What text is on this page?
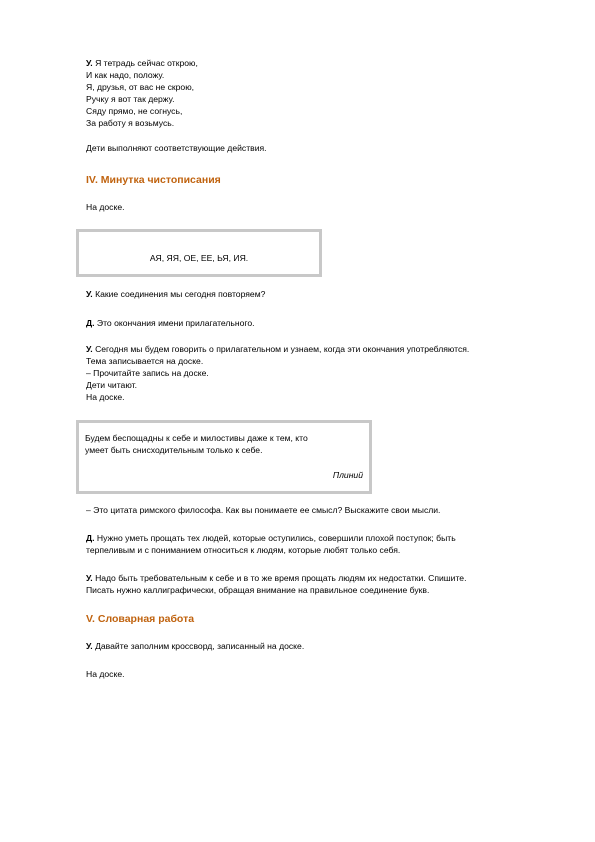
У. Я тетрадь сейчас открою,
И как надо, положу.
Я, друзья, от вас не скрою,
Ручку я вот так держу.
Сяду прямо, не согнусь,
За работу я возьмусь.
Дети выполняют соответствующие действия.
IV. Минутка чистописания
На доске.
АЯ, ЯЯ, ОЕ, ЕЕ, ЬЯ, ИЯ.
У. Какие соединения мы сегодня повторяем?
Д. Это окончания имени прилагательного.
У. Сегодня мы будем говорить о прилагательном и узнаем, когда эти окончания употребляются.
Тема записывается на доске.
– Прочитайте запись на доске.
Дети читают.
На доске.
Будем беспощадны к себе и милостивы даже к тем, кто
умеет быть снисходительным только к себе.
Плиний
– Это цитата римского философа. Как вы понимаете ее смысл? Выскажите свои мысли.
Д. Нужно уметь прощать тех людей, которые оступились, совершили плохой поступок; быть
терпеливым и с пониманием относиться к людям, которые любят только себя.
У. Надо быть требовательным к себе и в то же время прощать людям их недостатки. Спишите.
Писать нужно каллиграфически, обращая внимание на правильное соединение букв.
V. Словарная работа
У. Давайте заполним кроссворд, записанный на доске.
На доске.
